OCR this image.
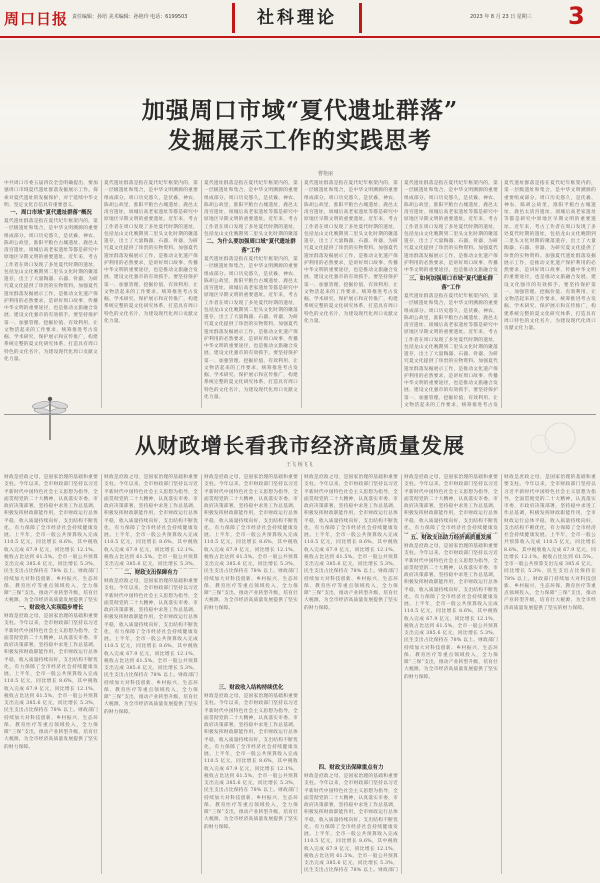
周口日报 责任编辑：孙培 美术编辑：孙艳玲 电话：6199503	社科理论	2023 年 8 月 23 日 星期三 3
加强周口市域“夏代遗址群落”
发掘展示工作的实践思考
曹艳丽
中共周口市委五届四次全会明确提出，要加强周口市域夏代遗址群落发掘展示工作。探索对夏代遗址的发掘保护，对于延续中华文明、坚定文化自信具有重要意义。
一、周口市域“夏代遗址群落”概况
夏代遗址群落是指在夏代纪年框架内的，第一层级遗址和集合，是中华文明溯源的重要组成部分。周口历史悠久，是伏羲、神农、陈胡公故里，淮阳平粮台古城遗址、鹿邑太清宫遗址、项城后高老家遗址等都是研究中原地区早期文明的重要遗址。近年来，考古工作者在周口发现了多处夏代时期的遗址，包括龙山文化晚期到二里头文化时期的聚落遗存，出土了大量陶器、石器、骨器，为研究夏文化提供了珍贵的实物资料。加强夏代遗址群落发掘展示工作，是推动文化遗产保护利用的必然要求，是讲好周口故事、传播中华文明的重要途径，也是推动文旅融合发展、建设文化强市的有效抓手。要坚持保护第一、加强管理、挖掘价值、有效利用、让文物活起来的工作要求，统筹推进考古发掘、学术研究、保护展示和宣传推广，构建系统完整的夏文化研究体系，打造具有周口特色的文化名片，为建设现代化周口贡献文化力量。
夏代遗址群落是指在夏代纪年框架内的，第一层级遗址和集合，是中华文明溯源的重要组成部分。周口历史悠久，是伏羲、神农、陈胡公故里，淮阳平粮台古城遗址、鹿邑太清宫遗址、项城后高老家遗址等都是研究中原地区早期文明的重要遗址。近年来，考古工作者在周口发现了多处夏代时期的遗址，包括龙山文化晚期到二里头文化时期的聚落遗存，出土了大量陶器、石器、骨器，为研究夏文化提供了珍贵的实物资料。加强夏代遗址群落发掘展示工作，是推动文化遗产保护利用的必然要求，是讲好周口故事、传播中华文明的重要途径，也是推动文旅融合发展、建设文化强市的有效抓手。要坚持保护第一、加强管理、挖掘价值、有效利用、让文物活起来的工作要求，统筹推进考古发掘、学术研究、保护展示和宣传推广，构建系统完整的夏文化研究体系，打造具有周口特色的文化名片，为建设现代化周口贡献文化力量。
夏代遗址群落是指在夏代纪年框架内的，第一层级遗址和集合，是中华文明溯源的重要组成部分。周口历史悠久，是伏羲、神农、陈胡公故里，淮阳平粮台古城遗址、鹿邑太清宫遗址、项城后高老家遗址等都是研究中原地区早期文明的重要遗址。近年来，考古工作者在周口发现了多处夏代时期的遗址，包括龙山文化晚期到二里头文化时期的聚落
二、为什么要加强周口域“夏代遗址群落”工作
夏代遗址群落是指在夏代纪年框架内的，第一层级遗址和集合，是中华文明溯源的重要组成部分。周口历史悠久，是伏羲、神农、陈胡公故里，淮阳平粮台古城遗址、鹿邑太清宫遗址、项城后高老家遗址等都是研究中原地区早期文明的重要遗址。近年来，考古工作者在周口发现了多处夏代时期的遗址，包括龙山文化晚期到二里头文化时期的聚落遗存，出土了大量陶器、石器、骨器，为研究夏文化提供了珍贵的实物资料。加强夏代遗址群落发掘展示工作，是推动文化遗产保护利用的必然要求，是讲好周口故事、传播中华文明的重要途径，也是推动文旅融合发展、建设文化强市的有效抓手。要坚持保护第一、加强管理、挖掘价值、有效利用、让文物活起来的工作要求，统筹推进考古发掘、学术研究、保护展示和宣传推广，构建系统完整的夏文化研究体系，打造具有周口特色的文化名片，为建设现代化周口贡献文化力量。
夏代遗址群落是指在夏代纪年框架内的，第一层级遗址和集合，是中华文明溯源的重要组成部分。周口历史悠久，是伏羲、神农、陈胡公故里，淮阳平粮台古城遗址、鹿邑太清宫遗址、项城后高老家遗址等都是研究中原地区早期文明的重要遗址。近年来，考古工作者在周口发现了多处夏代时期的遗址，包括龙山文化晚期到二里头文化时期的聚落遗存，出土了大量陶器、石器、骨器，为研究夏文化提供了珍贵的实物资料。加强夏代遗址群落发掘展示工作，是推动文化遗产保护利用的必然要求，是讲好周口故事、传播中华文明的重要途径，也是推动文旅融合发展、建设文化强市的有效抓手。要坚持保护第一、加强管理、挖掘价值、有效利用、让文物活起来的工作要求，统筹推进考古发掘、学术研究、保护展示和宣传推广，构建系统完整的夏文化研究体系，打造具有周口特色的文化名片，为建设现代化周口贡献文化力量。
夏代遗址群落是指在夏代纪年框架内的，第一层级遗址和集合，是中华文明溯源的重要组成部分。周口历史悠久，是伏羲、神农、陈胡公故里，淮阳平粮台古城遗址、鹿邑太清宫遗址、项城后高老家遗址等都是研究中原地区早期文明的重要遗址。近年来，考古工作者在周口发现了多处夏代时期的遗址，包括龙山文化晚期到二里头文化时期的聚落遗存，出土了大量陶器、石器、骨器，为研究夏文化提供了珍贵的实物资料。加强夏代遗址群落发掘展示工作，是推动文化遗产保护利用的必然要求，是讲好周口故事、传播中华文明的重要途径，也是推动文旅融合发
三、如何加强周口市域“夏代遗址群落”工作
夏代遗址群落是指在夏代纪年框架内的，第一层级遗址和集合，是中华文明溯源的重要组成部分。周口历史悠久，是伏羲、神农、陈胡公故里，淮阳平粮台古城遗址、鹿邑太清宫遗址、项城后高老家遗址等都是研究中原地区早期文明的重要遗址。近年来，考古工作者在周口发现了多处夏代时期的遗址，包括龙山文化晚期到二里头文化时期的聚落遗存，出土了大量陶器、石器、骨器，为研究夏文化提供了珍贵的实物资料。加强夏代遗址群落发掘展示工作，是推动文化遗产保护利用的必然要求，是讲好周口故事、传播中华文明的重要途径，也是推动文旅融合发展、建设文化强市的有效抓手。要坚持保护第一、加强管理、挖掘价值、有效利用、让文物活起来的工作要求，统筹推进考古发
夏代遗址群落是指在夏代纪年框架内的，第一层级遗址和集合，是中华文明溯源的重要组成部分。周口历史悠久，是伏羲、神农、陈胡公故里，淮阳平粮台古城遗址、鹿邑太清宫遗址、项城后高老家遗址等都是研究中原地区早期文明的重要遗址。近年来，考古工作者在周口发现了多处夏代时期的遗址，包括龙山文化晚期到二里头文化时期的聚落遗存，出土了大量陶器、石器、骨器，为研究夏文化提供了珍贵的实物资料。加强夏代遗址群落发掘展示工作，是推动文化遗产保护利用的必然要求，是讲好周口故事、传播中华文明的重要途径，也是推动文旅融合发展、建设文化强市的有效抓手。要坚持保护第一、加强管理、挖掘价值、有效利用、让文物活起来的工作要求，统筹推进考古发掘、学术研究、保护展示和宣传推广，构建系统完整的夏文化研究体系，打造具有周口特色的文化名片，为建设现代化周口贡献文化力量。
从财政增长看我市经济高质量发展
王飞 杨飞飞
财政是庶政之母，是国家治理的基础和重要支柱。今年以来，全市财政部门坚持以习近平新时代中国特色社会主义思想为指导，全面贯彻党的二十大精神，认真落实市委、市政府决策部署，坚持稳中求进工作总基调，积极发挥财政职能作用，全市财政运行总体平稳，收入质量持续向好，支出结构不断优化，有力保障了全市经济社会持续健康发展。上半年，全市一般公共预算收入完成 110.5 亿元，同比增长 8.6%，其中税收收入完成 67.9 亿元，同比增长 12.1%，税收占比达到 61.5%。全市一般公共预算支出完成 385.6 亿元，同比增长 5.3%，民生支出占比保持在 78% 以上。财政部门持续加大对科技创新、乡村振兴、生态环保、教育医疗等重点领域投入，全力保障“三保”支出，推动产业转型升级，培育壮大税源，为全市经济高质量发展提供了坚实
一、财政收入实现稳步增长
财政是庶政之母，是国家治理的基础和重要支柱。今年以来，全市财政部门坚持以习近平新时代中国特色社会主义思想为指导，全面贯彻党的二十大精神，认真落实市委、市政府决策部署，坚持稳中求进工作总基调，积极发挥财政职能作用，全市财政运行总体平稳，收入质量持续向好，支出结构不断优化，有力保障了全市经济社会持续健康发展。上半年，全市一般公共预算收入完成 110.5 亿元，同比增长 8.6%，其中税收收入完成 67.9 亿元，同比增长 12.1%，税收占比达到 61.5%。全市一般公共预算支出完成 385.6 亿元，同比增长 5.3%，民生支出占比保持在 78% 以上。财政部门持续加大对科技创新、乡村振兴、生态环保、教育医疗等重点领域投入，全力保障“三保”支出，推动产业转型升级，培育壮大税源，为全市经济高质量发展提供了坚实的财力保障。
财政是庶政之母，是国家治理的基础和重要支柱。今年以来，全市财政部门坚持以习近平新时代中国特色社会主义思想为指导，全面贯彻党的二十大精神，认真落实市委、市政府决策部署，坚持稳中求进工作总基调，积极发挥财政职能作用，全市财政运行总体平稳，收入质量持续向好，支出结构不断优化，有力保障了全市经济社会持续健康发展。上半年，全市一般公共预算收入完成 110.5 亿元，同比增长 8.6%，其中税收收入完成 67.9 亿元，同比增长 12.1%，税收占比达到 61.5%。全市一般公共预算支出完成 385.6 亿元，同比增长 5.3%，
二、财政支出保障有力
财政是庶政之母，是国家治理的基础和重要支柱。今年以来，全市财政部门坚持以习近平新时代中国特色社会主义思想为指导，全面贯彻党的二十大精神，认真落实市委、市政府决策部署，坚持稳中求进工作总基调，积极发挥财政职能作用，全市财政运行总体平稳，收入质量持续向好，支出结构不断优化，有力保障了全市经济社会持续健康发展。上半年，全市一般公共预算收入完成 110.5 亿元，同比增长 8.6%，其中税收收入完成 67.9 亿元，同比增长 12.1%，税收占比达到 61.5%。全市一般公共预算支出完成 385.6 亿元，同比增长 5.3%，民生支出占比保持在 78% 以上。财政部门持续加大对科技创新、乡村振兴、生态环保、教育医疗等重点领域投入，全力保障“三保”支出，推动产业转型升级，培育壮大税源，为全市经济高质量发展提供了坚实的财力保障。
财政是庶政之母，是国家治理的基础和重要支柱。今年以来，全市财政部门坚持以习近平新时代中国特色社会主义思想为指导，全面贯彻党的二十大精神，认真落实市委、市政府决策部署，坚持稳中求进工作总基调，积极发挥财政职能作用，全市财政运行总体平稳，收入质量持续向好，支出结构不断优化，有力保障了全市经济社会持续健康发展。上半年，全市一般公共预算收入完成 110.5 亿元，同比增长 8.6%，其中税收收入完成 67.9 亿元，同比增长 12.1%，税收占比达到 61.5%。全市一般公共预算支出完成 385.6 亿元，同比增长 5.3%，民生支出占比保持在 78% 以上。财政部门持续加大对科技创新、乡村振兴、生态环保、教育医疗等重点领域投入，全力保障“三保”支出，推动产业转型升级，培育壮大税源，为全市经济高质量发展提供了坚实的财力保障。
三、财政收入结构持续优化
财政是庶政之母，是国家治理的基础和重要支柱。今年以来，全市财政部门坚持以习近平新时代中国特色社会主义思想为指导，全面贯彻党的二十大精神，认真落实市委、市政府决策部署，坚持稳中求进工作总基调，积极发挥财政职能作用，全市财政运行总体平稳，收入质量持续向好，支出结构不断优化，有力保障了全市经济社会持续健康发展。上半年，全市一般公共预算收入完成 110.5 亿元，同比增长 8.6%，其中税收收入完成 67.9 亿元，同比增长 12.1%，税收占比达到 61.5%。全市一般公共预算支出完成 385.6 亿元，同比增长 5.3%，民生支出占比保持在 78% 以上。财政部门持续加大对科技创新、乡村振兴、生态环保、教育医疗等重点领域投入，全力保障“三保”支出，推动产业转型升级，培育壮大税源，为全市经济高质量发展提供了坚实的财力保障。
财政是庶政之母，是国家治理的基础和重要支柱。今年以来，全市财政部门坚持以习近平新时代中国特色社会主义思想为指导，全面贯彻党的二十大精神，认真落实市委、市政府决策部署，坚持稳中求进工作总基调，积极发挥财政职能作用，全市财政运行总体平稳，收入质量持续向好，支出结构不断优化，有力保障了全市经济社会持续健康发展。上半年，全市一般公共预算收入完成 110.5 亿元，同比增长 8.6%，其中税收收入完成 67.9 亿元，同比增长 12.1%，税收占比达到 61.5%。全市一般公共预算支出完成 385.6 亿元，同比增长 5.3%，民生支出占比保持在 78% 以上。财政部门持续加大对科技创新、乡村振兴、生态环保、教育医疗等重点领域投入，全力保障“三保”支出，推动产业转型升级，培育壮大税源，为全市经济高质量发展提供了坚实的财力保障。
四、财政支出保障重点有力
财政是庶政之母，是国家治理的基础和重要支柱。今年以来，全市财政部门坚持以习近平新时代中国特色社会主义思想为指导，全面贯彻党的二十大精神，认真落实市委、市政府决策部署，坚持稳中求进工作总基调，积极发挥财政职能作用，全市财政运行总体平稳，收入质量持续向好，支出结构不断优化，有力保障了全市经济社会持续健康发展。上半年，全市一般公共预算收入完成 110.5 亿元，同比增长 8.6%，其中税收收入完成 67.9 亿元，同比增长 12.1%，税收占比达到 61.5%。全市一般公共预算支出完成 385.6 亿元，同比增长 5.3%，民生支出占比保持在 78% 以上。财政部门
财政是庶政之母，是国家治理的基础和重要支柱。今年以来，全市财政部门坚持以习近平新时代中国特色社会主义思想为指导，全面贯彻党的二十大精神，认真落实市委、市政府决策部署，坚持稳中求进工作总基调，积极发挥财政职能作用，全市财政运行总体平稳，收入质量持续向好，支出结构不断优化，有力保障了全市经济社会持续健康发
五、财政支出助力经济高质量发展
财政是庶政之母，是国家治理的基础和重要支柱。今年以来，全市财政部门坚持以习近平新时代中国特色社会主义思想为指导，全面贯彻党的二十大精神，认真落实市委、市政府决策部署，坚持稳中求进工作总基调，积极发挥财政职能作用，全市财政运行总体平稳，收入质量持续向好，支出结构不断优化，有力保障了全市经济社会持续健康发展。上半年，全市一般公共预算收入完成 110.5 亿元，同比增长 8.6%，其中税收收入完成 67.9 亿元，同比增长 12.1%，税收占比达到 61.5%。全市一般公共预算支出完成 385.6 亿元，同比增长 5.3%，民生支出占比保持在 78% 以上。财政部门持续加大对科技创新、乡村振兴、生态环保、教育医疗等重点领域投入，全力保障“三保”支出，推动产业转型升级，培育壮大税源，为全市经济高质量发展提供了坚实的财力保障。
财政是庶政之母，是国家治理的基础和重要支柱。今年以来，全市财政部门坚持以习近平新时代中国特色社会主义思想为指导，全面贯彻党的二十大精神，认真落实市委、市政府决策部署，坚持稳中求进工作总基调，积极发挥财政职能作用，全市财政运行总体平稳，收入质量持续向好，支出结构不断优化，有力保障了全市经济社会持续健康发展。上半年，全市一般公共预算收入完成 110.5 亿元，同比增长 8.6%，其中税收收入完成 67.9 亿元，同比增长 12.1%，税收占比达到 61.5%。全市一般公共预算支出完成 385.6 亿元，同比增长 5.3%，民生支出占比保持在 78% 以上。财政部门持续加大对科技创新、乡村振兴、生态环保、教育医疗等重点领域投入，全力保障“三保”支出，推动产业转型升级，培育壮大税源，为全市经济高质量发展提供了坚实的财力保障。
